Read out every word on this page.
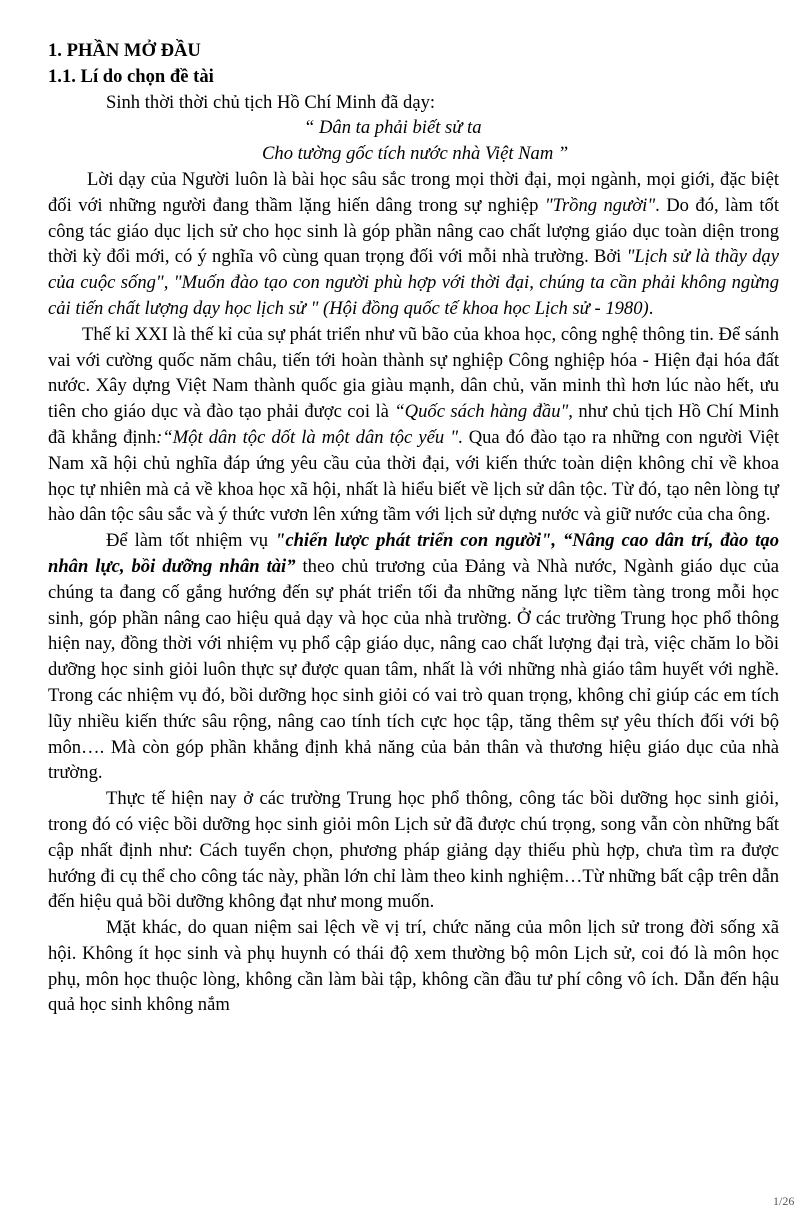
1. PHẦN MỞ ĐẦU

1.1. Lí do chọn đề tài

Sinh thời thời chủ tịch Hồ Chí Minh đã dạy:

“ Dân ta phải biết sử ta

Cho tường gốc tích nước nhà Việt Nam ”

Lời dạy của Người luôn là bài học sâu sắc trong mọi thời đại, mọi ngành, mọi giới, đặc biệt đối với những người đang thầm lặng hiến dâng trong sự nghiệp "Trồng người". Do đó, làm tốt công tác giáo dục lịch sử cho học sinh là góp phần nâng cao chất lượng giáo dục toàn diện trong thời kỳ đổi mới, có ý nghĩa vô cùng quan trọng đối với mỗi nhà trường. Bởi "Lịch sử là thầy dạy của cuộc sống", "Muốn đào tạo con người phù hợp với thời đại, chúng ta cần phải không ngừng cải tiến chất lượng dạy học lịch sử " (Hội đồng quốc tế khoa học Lịch sử - 1980).

Thế kỉ XXI là thế kỉ của sự phát triển như vũ bão của khoa học, công nghệ thông tin. Để sánh vai với cường quốc năm châu, tiến tới hoàn thành sự nghiệp Công nghiệp hóa - Hiện đại hóa đất nước. Xây dựng Việt Nam thành quốc gia giàu mạnh, dân chủ, văn minh thì hơn lúc nào hết, ưu tiên cho giáo dục và đào tạo phải được coi là “Quốc sách hàng đầu", như chủ tịch Hồ Chí Minh đã khẳng định:“Một dân tộc dốt là một dân tộc yếu ". Qua đó đào tạo ra những con người Việt Nam xã hội chủ nghĩa đáp ứng yêu cầu của thời đại, với kiến thức toàn diện không chỉ về khoa học tự nhiên mà cả về khoa học xã hội, nhất là hiểu biết về lịch sử dân tộc. Từ đó, tạo nên lòng tự hào dân tộc sâu sắc và ý thức vươn lên xứng tầm với lịch sử dựng nước và giữ nước của cha ông.

Để làm tốt nhiệm vụ "chiến lược phát triển con người", “Nâng cao dân trí, đào tạo nhân lực, bồi dưỡng nhân tài” theo chủ trương của Đảng và Nhà nước, Ngành giáo dục của chúng ta đang cố gắng hướng đến sự phát triển tối đa những năng lực tiềm tàng trong mỗi học sinh, góp phần nâng cao hiệu quả dạy và học của nhà trường. Ở các trường Trung học phổ thông hiện nay, đồng thời với nhiệm vụ phổ cập giáo dục, nâng cao chất lượng đại trà, việc chăm lo bồi dưỡng học sinh giỏi luôn thực sự được quan tâm, nhất là với những nhà giáo tâm huyết với nghề. Trong các nhiệm vụ đó, bồi dưỡng học sinh giỏi có vai trò quan trọng, không chỉ giúp các em tích lũy nhiều kiến thức sâu rộng, nâng cao tính tích cực học tập, tăng thêm sự yêu thích đối với bộ môn…. Mà còn góp phần khẳng định khả năng của bản thân và thương hiệu giáo dục của nhà trường.

Thực tế hiện nay ở các trường Trung học phổ thông, công tác bồi dưỡng học sinh giỏi, trong đó có việc bồi dưỡng học sinh giỏi môn Lịch sử đã được chú trọng, song vẫn còn những bất cập nhất định như: Cách tuyển chọn, phương pháp giảng dạy thiếu phù hợp, chưa tìm ra được hướng đi cụ thể cho công tác này, phần lớn chỉ làm theo kinh nghiệm…Từ những bất cập trên dẫn đến hiệu quả bồi dưỡng không đạt như mong muốn.

Mặt khác, do quan niệm sai lệch về vị trí, chức năng của môn lịch sử trong đời sống xã hội. Không ít học sinh và phụ huynh có thái độ xem thường bộ môn Lịch sử, coi đó là môn học phụ, môn học thuộc lòng, không cần làm bài tập, không cần đầu tư phí công vô ích. Dẫn đến hậu quả học sinh không nắm

1/26
